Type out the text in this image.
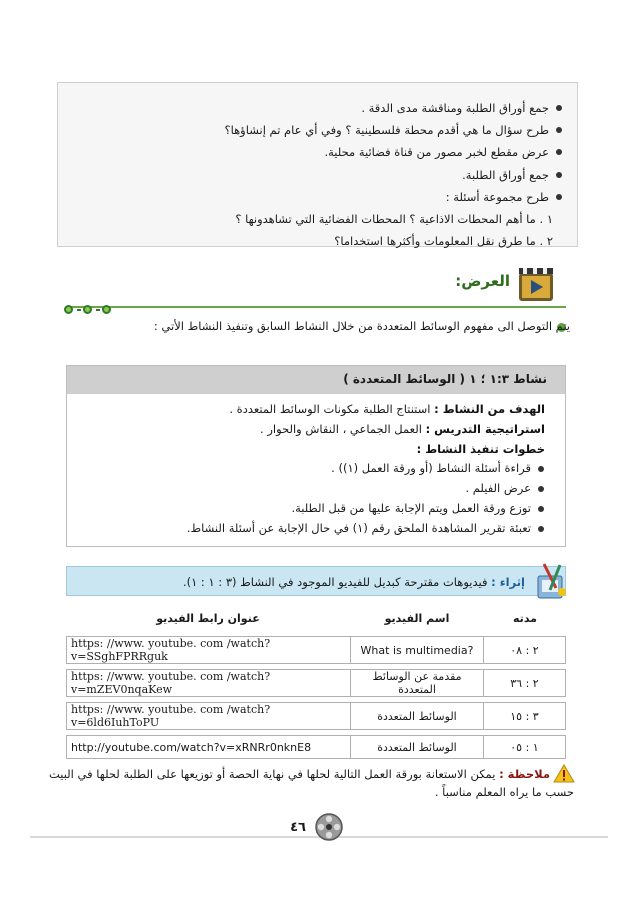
جمع أوراق الطلبة ومناقشة مدى الدقة .
طرح سؤال ما هي أقدم محطة فلسطينية ؟ وفي أي عام تم إنشاؤها؟
عرض مقطع لخبر مصور من قناة فضائية محلية.
جمع أوراق الطلبة.
طرح مجموعة أسئلة :
١ . ما أهم المحطات الاذاعية ؟ المحطات الفضائية التي تشاهدونها ؟
٢ . ما طرق نقل المعلومات وأكثرها استخداما؟
العرض:
يتم التوصل الى مفهوم الوسائط المتعددة من خلال النشاط السابق وتنفيذ النشاط الأتي :
الهدف من النشاط : استنتاج الطلبة مكونات الوسائط المتعددة .
استراتيجية التدريس : العمل الجماعي ، النقاش والحوار .
خطوات تنفيذ النشاط :
قراءة أسئلة النشاط (أو ورقة العمل (١)) .
عرض الفيلم .
توزع ورقة العمل ويتم الإجابة عليها من قبل الطلبة.
تعبئة تقرير المشاهدة الملحق رقم (١) في حال الإجابة عن أسئلة النشاط.
نشاط ١:٣ ؛ ١ ( الوسائط المتعددة )
إثراء : فيديوهات مقترحة كبديل للفيديو الموجود في النشاط (٣ : ١ : ١).
عنوان رابط الفيديو	اسم الفيديو	مدته
https: //www. youtube. com /watch?v=SSghFPRRguk	What is multimedia?	٢ : ٠٨
https: //www. youtube. com /watch?v=mZEV0nqaKew	مقدمة عن الوسائط المتعددة	٢ : ٣٦
https: //www. youtube. com /watch?v=6ld6IuhToPU	الوسائط المتعددة	٣ : ١٥
http://youtube.com/watch?v=xRNRr0nknE8	الوسائط المتعددة	١ : ٠٥
ملاحظة : يمكن الاستعانة بورقة العمل التالية لحلها في نهاية الحصة أو توزيعها على الطلبة لحلها في البيت
حسب ما يراه المعلم مناسباً .
٤٦
